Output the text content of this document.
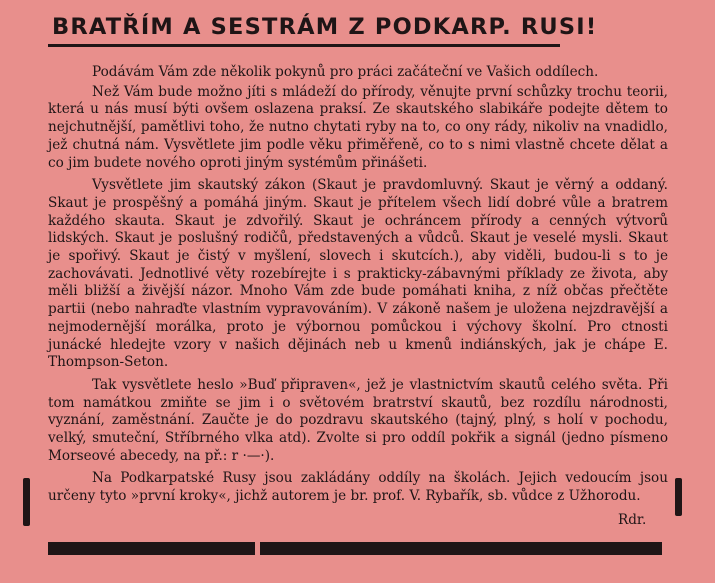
BRATŘÍM A SESTRÁM Z PODKARP. RUSI!

Podávám Vám zde několik pokynů pro práci začáteční ve Vašich oddílech.

Než Vám bude možno jíti s mládeží do přírody, věnujte první schůzky trochu teorii, která u nás musí býti ovšem oslazena praksí. Ze skautského slabikáře podejte dětem to nejchutnější, pamětlivi toho, že nutno chytati ryby na to, co ony rády, nikoliv na vnadidlo, jež chutná nám. Vysvětlete jim podle věku přiměřeně, co to s nimi vlastně chcete dělat a co jim budete nového oproti jiným systémům přinášeti.

Vysvětlete jim skautský zákon (Skaut je pravdomluvný. Skaut je věrný a oddaný. Skaut je prospěšný a pomáhá jiným. Skaut je přítelem všech lidí dobré vůle a bratrem každého skauta. Skaut je zdvořilý. Skaut je ochráncem přírody a cenných výtvorů lidských. Skaut je poslušný rodičů, představených a vůdců. Skaut je veselé mysli. Skaut je spořivý. Skaut je čistý v myšlení, slovech i skutcích.), aby viděli, budou-li s to je zachovávati. Jednotlivé věty rozebírejte i s prakticky-zábavnými příklady ze života, aby měli bližší a živější názor. Mnoho Vám zde bude pomáhati kniha, z níž občas přečtěte partii (nebo nahraďte vlastním vypravováním). V zákoně našem je uložena nejzdravější a nejmodernější morálka, proto je výbornou pomůckou i výchovy školní. Pro ctnosti junácké hledejte vzory v našich dějinách neb u kmenů indiánských, jak je chápe E. Thompson-Seton.

Tak vysvětlete heslo »Buď připraven«, jež je vlastnictvím skautů celého světa. Při tom namátkou zmiňte se jim i o světovém bratrství skautů, bez rozdílu národnosti, vyznání, zaměstnání. Zaučte je do pozdravu skautského (tajný, plný, s holí v pochodu, velký, smuteční, Stříbrného vlka atd). Zvolte si pro oddíl pokřik a signál (jedno písmeno Morseové abecedy, na př.: r ·—·).

Na Podkarpatské Rusy jsou zakládány oddíly na školách. Jejich vedoucím jsou určeny tyto »první kroky«, jichž autorem je br. prof. V. Rybařík, sb. vůdce z Užhorodu.

Rdr.
